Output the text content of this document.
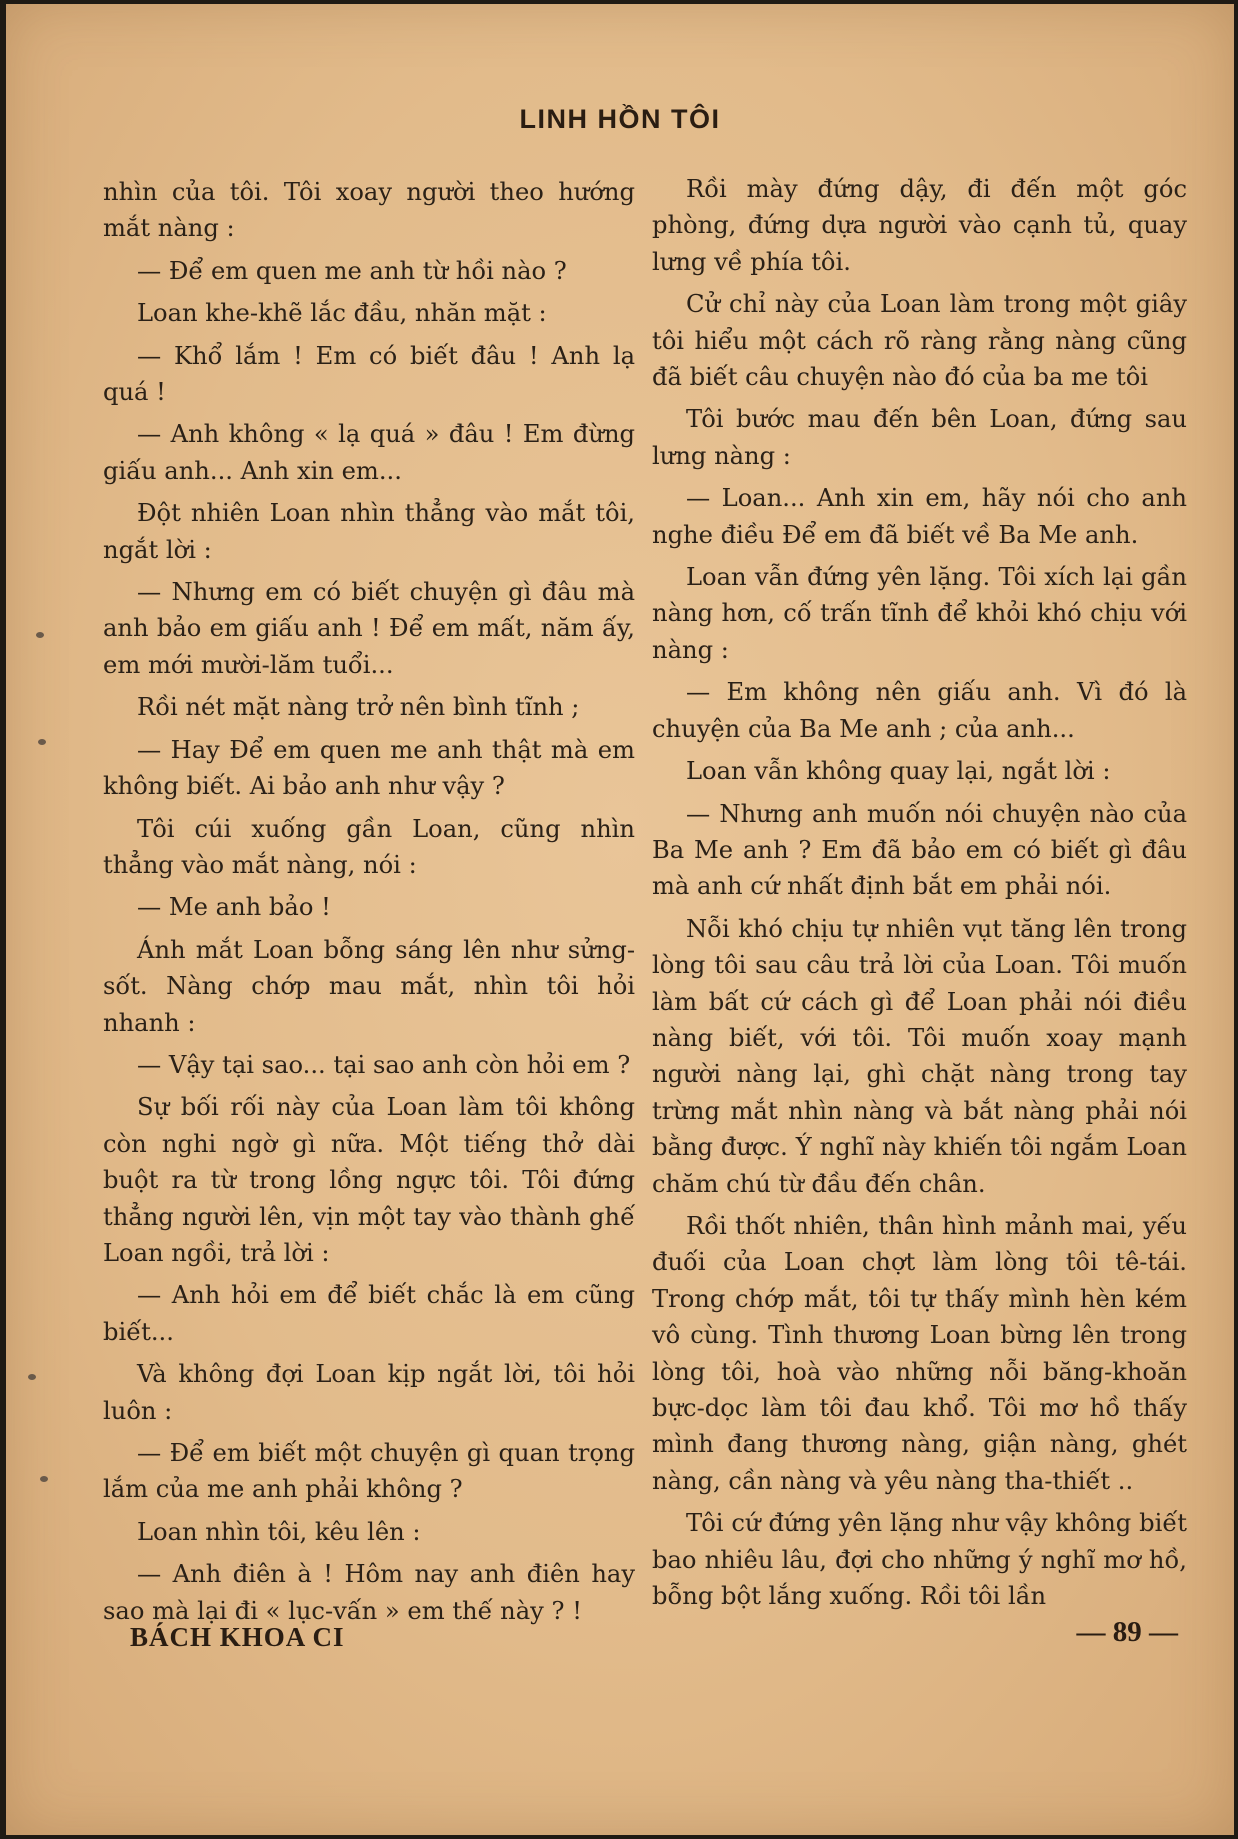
LINH HỒN TÔI

nhìn của tôi. Tôi xoay người theo hướng mắt nàng :

— Để em quen me anh từ hồi nào ?

Loan khe-khẽ lắc đầu, nhăn mặt :

— Khổ lắm ! Em có biết đâu ! Anh lạ quá !

— Anh không « lạ quá » đâu ! Em đừng giấu anh... Anh xin em...

Đột nhiên Loan nhìn thẳng vào mắt tôi, ngắt lời :

— Nhưng em có biết chuyện gì đâu mà anh bảo em giấu anh ! Để em mất, năm ấy, em mới mười-lăm tuổi...

Rồi nét mặt nàng trở nên bình tĩnh ;

— Hay Để em quen me anh thật mà em không biết. Ai bảo anh như vậy ?

Tôi cúi xuống gần Loan, cũng nhìn thẳng vào mắt nàng, nói :

— Me anh bảo !

Ánh mắt Loan bỗng sáng lên như sửng-sốt. Nàng chớp mau mắt, nhìn tôi hỏi nhanh :

— Vậy tại sao... tại sao anh còn hỏi em ?

Sự bối rối này của Loan làm tôi không còn nghi ngờ gì nữa. Một tiếng thở dài buột ra từ trong lồng ngực tôi. Tôi đứng thẳng người lên, vịn một tay vào thành ghế Loan ngồi, trả lời :

— Anh hỏi em để biết chắc là em cũng biết...

Và không đợi Loan kịp ngắt lời, tôi hỏi luôn :

— Để em biết một chuyện gì quan trọng lắm của me anh phải không ?

Loan nhìn tôi, kêu lên :

— Anh điên à ! Hôm nay anh điên hay sao mà lại đi « lục-vấn » em thế này ? !

Rồi mày đứng dậy, đi đến một góc phòng, đứng dựa người vào cạnh tủ, quay lưng về phía tôi.

Cử chỉ này của Loan làm trong một giây tôi hiểu một cách rõ ràng rằng nàng cũng đã biết câu chuyện nào đó của ba me tôi

Tôi bước mau đến bên Loan, đứng sau lưng nàng :

— Loan... Anh xin em, hãy nói cho anh nghe điều Để em đã biết về Ba Me anh.

Loan vẫn đứng yên lặng. Tôi xích lại gần nàng hơn, cố trấn tĩnh để khỏi khó chịu với nàng :

— Em không nên giấu anh. Vì đó là chuyện của Ba Me anh ; của anh...

Loan vẫn không quay lại, ngắt lời :

— Nhưng anh muốn nói chuyện nào của Ba Me anh ? Em đã bảo em có biết gì đâu mà anh cứ nhất định bắt em phải nói.

Nỗi khó chịu tự nhiên vụt tăng lên trong lòng tôi sau câu trả lời của Loan. Tôi muốn làm bất cứ cách gì để Loan phải nói điều nàng biết, với tôi. Tôi muốn xoay mạnh người nàng lại, ghì chặt nàng trong tay trừng mắt nhìn nàng và bắt nàng phải nói bằng được. Ý nghĩ này khiến tôi ngắm Loan chăm chú từ đầu đến chân.

Rồi thốt nhiên, thân hình mảnh mai, yếu đuối của Loan chợt làm lòng tôi tê-tái. Trong chớp mắt, tôi tự thấy mình hèn kém vô cùng. Tình thương Loan bừng lên trong lòng tôi, hoà vào những nỗi băng-khoăn bực-dọc làm tôi đau khổ. Tôi mơ hồ thấy mình đang thương nàng, giận nàng, ghét nàng, cần nàng và yêu nàng tha-thiết ..

Tôi cứ đứng yên lặng như vậy không biết bao nhiêu lâu, đợi cho những ý nghĩ mơ hồ, bỗng bột lắng xuống. Rồi tôi lần

BÁCH KHOA CI	— 89 —
